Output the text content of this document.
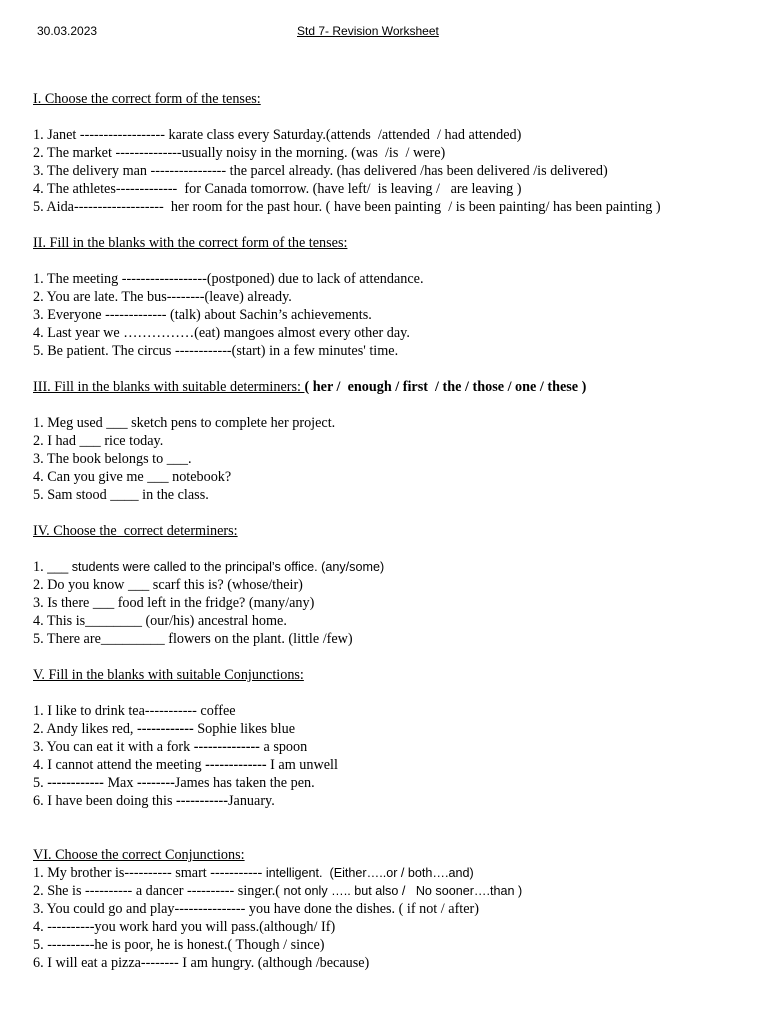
30.03.2023	Std 7- Revision Worksheet
I. Choose the correct form of the tenses:
1. Janet ------------------ karate class every Saturday.(attends  /attended  / had attended)
2. The market --------------usually noisy in the morning. (was  /is  / were)
3. The delivery man ---------------- the parcel already. (has delivered /has been delivered /is delivered)
4. The athletes-------------  for Canada tomorrow. (have left/  is leaving /   are leaving )
5. Aida-------------------  her room for the past hour. ( have been painting  / is been painting/ has been painting )
II. Fill in the blanks with the correct form of the tenses:
1. The meeting ------------------(postponed) due to lack of attendance.
2. You are late. The bus--------(leave) already.
3. Everyone ------------- (talk) about Sachin’s achievements.
4. Last year we ……………(eat) mangoes almost every other day.
5. Be patient. The circus ------------(start) in a few minutes' time.
III. Fill in the blanks with suitable determiners: ( her /  enough / first  / the / those / one / these )
1. Meg used ___ sketch pens to complete her project.
2. I had ___ rice today.
3. The book belongs to ___.
4. Can you give me ___ notebook?
5. Sam stood ____ in the class.
IV. Choose the  correct determiners:
1. ___ students were called to the principal’s office. (any/some)
2. Do you know ___ scarf this is? (whose/their)
3. Is there ___ food left in the fridge? (many/any)
4. This is________ (our/his) ancestral home.
5. There are_________ flowers on the plant. (little /few)
V. Fill in the blanks with suitable Conjunctions:
1. I like to drink tea----------- coffee
2. Andy likes red, ------------ Sophie likes blue
3. You can eat it with a fork -------------- a spoon
4. I cannot attend the meeting ------------- I am unwell
5. ------------ Max --------James has taken the pen.
6. I have been doing this -----------January.
VI. Choose the correct Conjunctions:
1. My brother is---------- smart ----------- intelligent.  (Either…..or / both….and)
2. She is ---------- a dancer ---------- singer.( not only ….. but also /   No sooner….than )
3. You could go and play--------------- you have done the dishes. ( if not / after)
4. ----------you work hard you will pass.(although/ If)
5. ----------he is poor, he is honest.( Though / since)
6. I will eat a pizza-------- I am hungry. (although /because)
